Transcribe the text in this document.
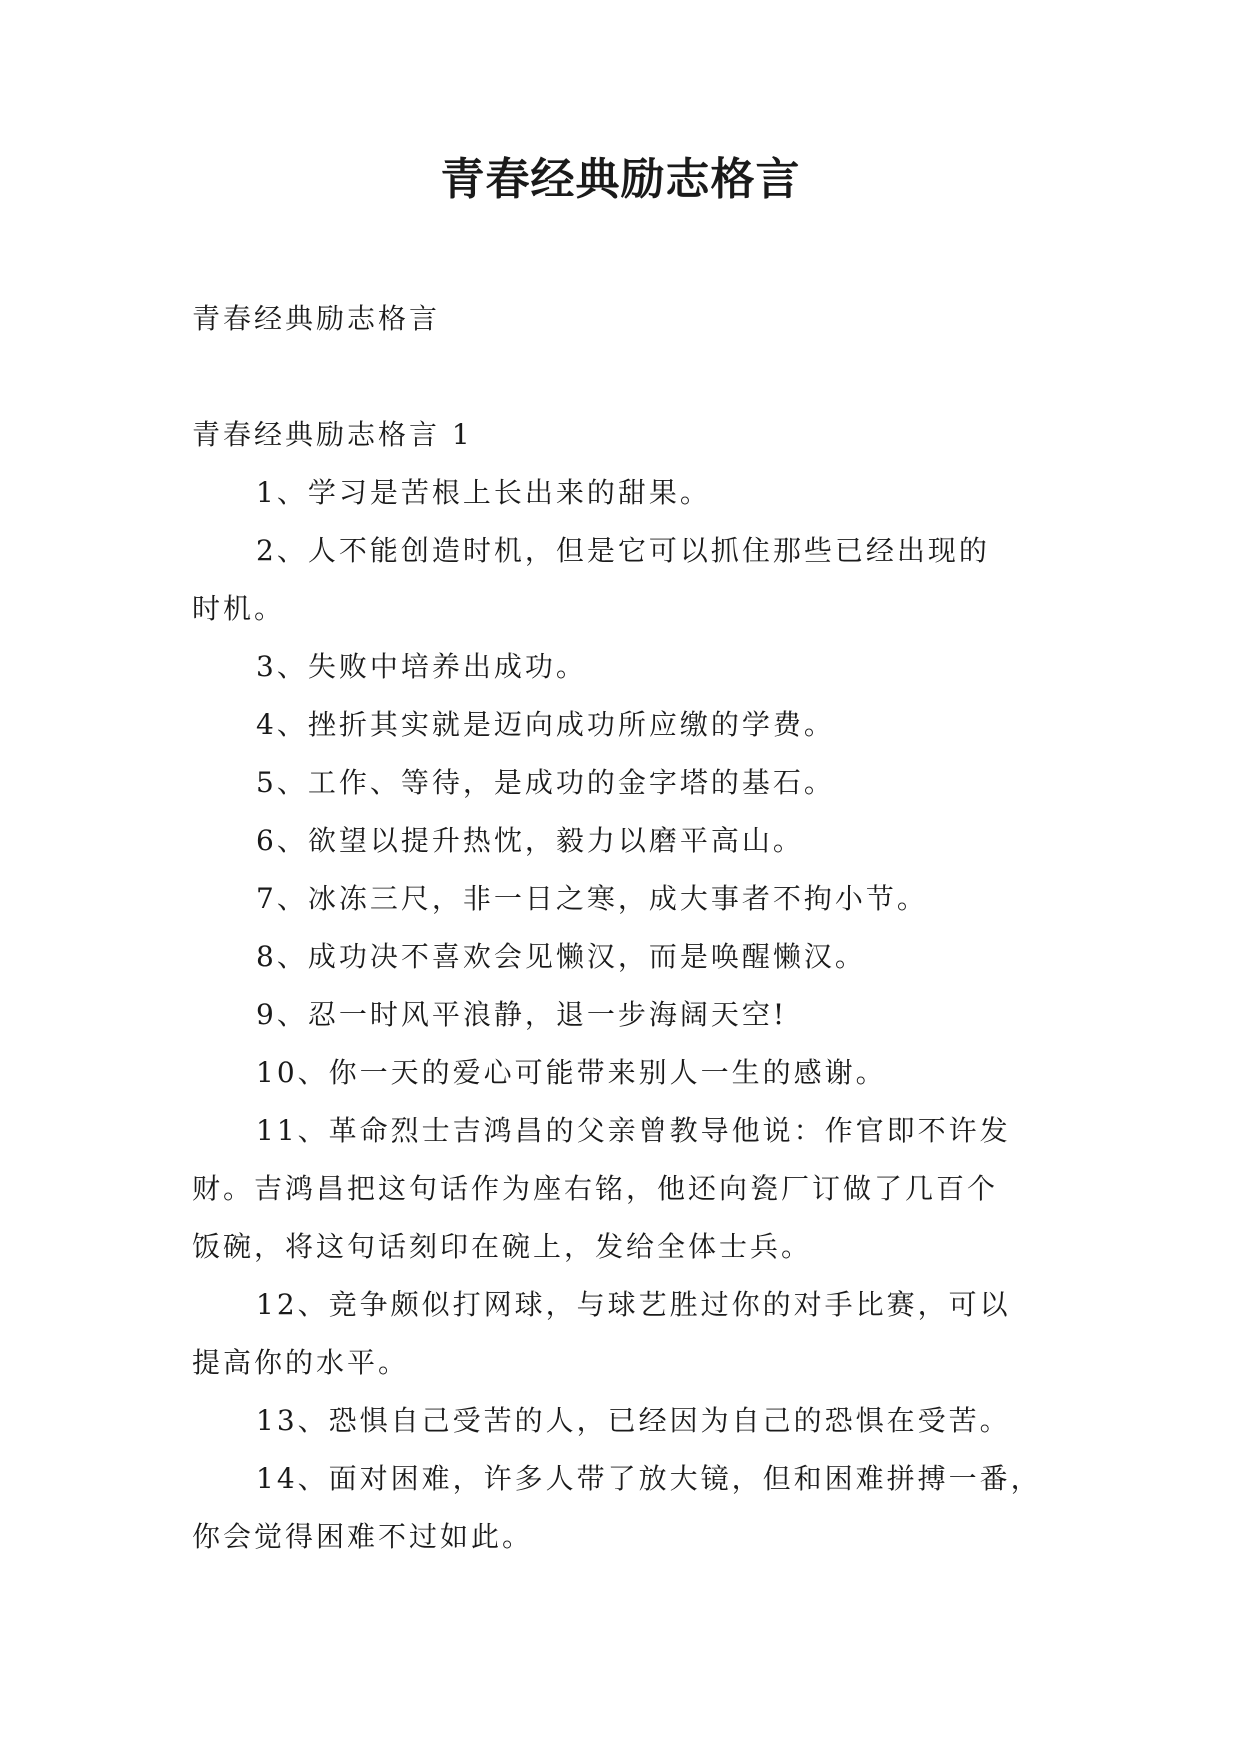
青春经典励志格言

青春经典励志格言

青春经典励志格言 1

1、学习是苦根上长出来的甜果。

2、人不能创造时机，但是它可以抓住那些已经出现的

时机。

3、失败中培养出成功。

4、挫折其实就是迈向成功所应缴的学费。

5、工作、等待，是成功的金字塔的基石。

6、欲望以提升热忱，毅力以磨平高山。

7、冰冻三尺，非一日之寒，成大事者不拘小节。

8、成功决不喜欢会见懒汉，而是唤醒懒汉。

9、忍一时风平浪静，退一步海阔天空!

10、你一天的爱心可能带来别人一生的感谢。

11、革命烈士吉鸿昌的父亲曾教导他说：作官即不许发

财。吉鸿昌把这句话作为座右铭，他还向瓷厂订做了几百个

饭碗，将这句话刻印在碗上，发给全体士兵。

12、竞争颇似打网球，与球艺胜过你的对手比赛，可以

提高你的水平。

13、恐惧自己受苦的人，已经因为自己的恐惧在受苦。

14、面对困难，许多人带了放大镜，但和困难拼搏一番，

你会觉得困难不过如此。
